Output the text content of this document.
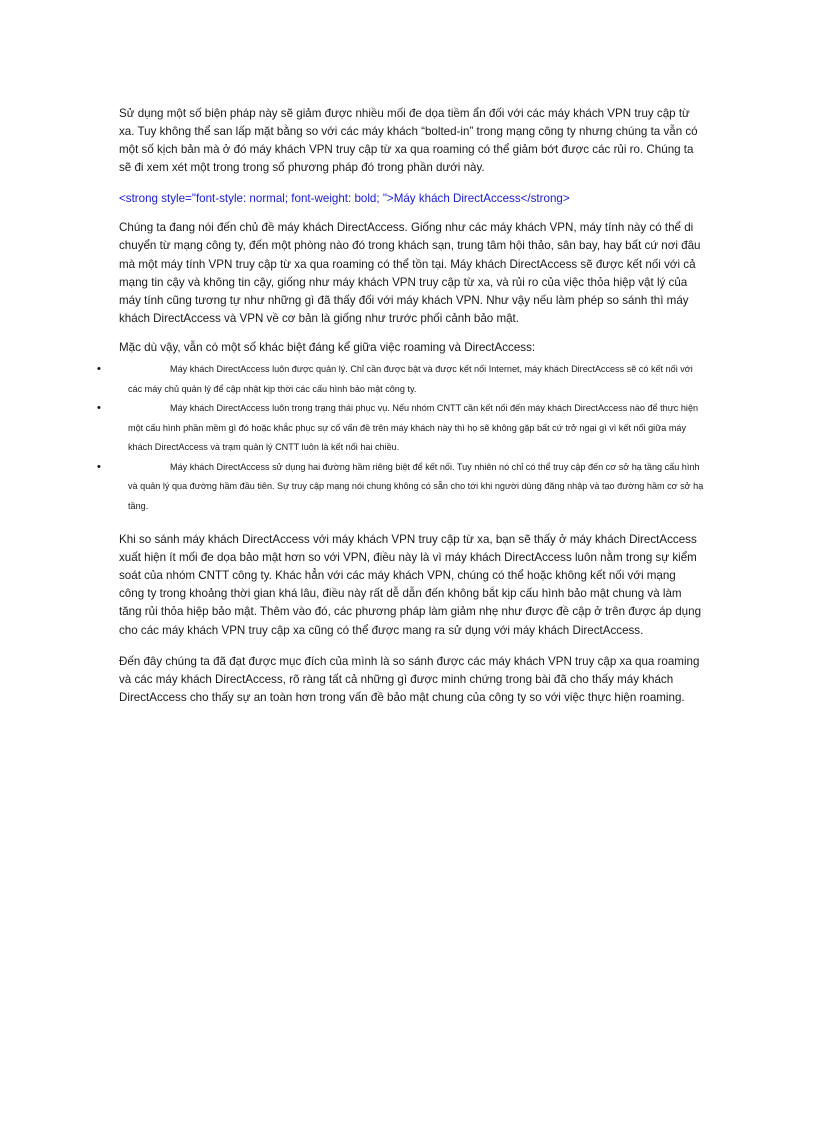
Sử dụng một số biện pháp này sẽ giảm được nhiều mối đe dọa tiềm ẩn đối với các máy khách VPN truy cập từ xa. Tuy không thể san lấp mặt bằng so với các máy khách “bolted-in” trong mạng công ty nhưng chúng ta vẫn có một số kịch bản mà ở đó máy khách VPN truy cập từ xa qua roaming có thể giảm bớt được các rủi ro. Chúng ta sẽ đi xem xét một trong trong số phương pháp đó trong phần dưới này.

<strong style="font-style: normal; font-weight: bold; ">Máy khách DirectAccess</strong>

Chúng ta đang nói đến chủ đề máy khách DirectAccess. Giống như các máy khách VPN, máy tính này có thể di chuyển từ mạng công ty, đến một phòng nào đó trong khách sạn, trung tâm hội thảo, sân bay, hay bất cứ nơi đâu mà một máy tính VPN truy cập từ xa qua roaming có thể tồn tại. Máy khách DirectAccess sẽ được kết nối với cả mạng tin cậy và không tin cậy, giống như máy khách VPN truy cập từ xa, và rủi ro của việc thỏa hiệp vật lý của máy tính cũng tương tự như những gì đã thấy đối với máy khách VPN. Như vậy nếu làm phép so sánh thì máy khách DirectAccess và VPN về cơ bản là giống như trước phối cảnh bảo mật.

Mặc dù vậy, vẫn có một số khác biệt đáng kể giữa việc roaming và DirectAccess:

•	Máy khách DirectAccess luôn được quản lý. Chỉ cần được bật và được kết nối Internet, máy khách DirectAccess sẽ có kết nối với các máy chủ quản lý để cập nhật kịp thời các cấu hình bảo mật công ty.
•	Máy khách DirectAccess luôn trong trạng thái phục vụ. Nếu nhóm CNTT cần kết nối đến máy khách DirectAccess nào để thực hiện một cấu hình phần mềm gì đó hoặc khắc phục sự cố vấn đề trên máy khách này thì họ sẽ không gặp bất cứ trở ngại gì vì kết nối giữa máy khách DirectAccess và trạm quản lý CNTT luôn là kết nối hai chiều.
•	Máy khách DirectAccess sử dụng hai đường hầm riêng biệt để kết nối. Tuy nhiên nó chỉ có thể truy cập đến cơ sở hạ tầng cấu hình và quản lý qua đường hầm đầu tiên. Sự truy cập mạng nói chung không có sẵn cho tới khi người dùng đăng nhập và tạo đường hầm cơ sở hạ tầng.

Khi so sánh máy khách DirectAccess với máy khách VPN truy cập từ xa, bạn sẽ thấy ở máy khách DirectAccess xuất hiện ít mối đe dọa bảo mật hơn so với VPN, điều này là vì máy khách DirectAccess luôn nằm trong sự kiểm soát của nhóm CNTT công ty. Khác hẳn với các máy khách VPN, chúng có thể hoặc không kết nối với mạng công ty trong khoảng thời gian khá lâu, điều này rất dễ dẫn đến không bắt kịp cấu hình bảo mật chung và làm tăng rủi thỏa hiệp bảo mật. Thêm vào đó, các phương pháp làm giảm nhẹ như được đề cập ở trên được áp dụng cho các máy khách VPN truy cập xa cũng có thể được mang ra sử dụng với máy khách DirectAccess.

Đến đây chúng ta đã đạt được mục đích của mình là so sánh được các máy khách VPN truy cập xa qua roaming và các máy khách DirectAccess, rõ ràng tất cả những gì được minh chứng trong bài đã cho thấy máy khách DirectAccess cho thấy sự an toàn hơn trong vấn đề bảo mật chung của công ty so với việc thực hiện roaming.
